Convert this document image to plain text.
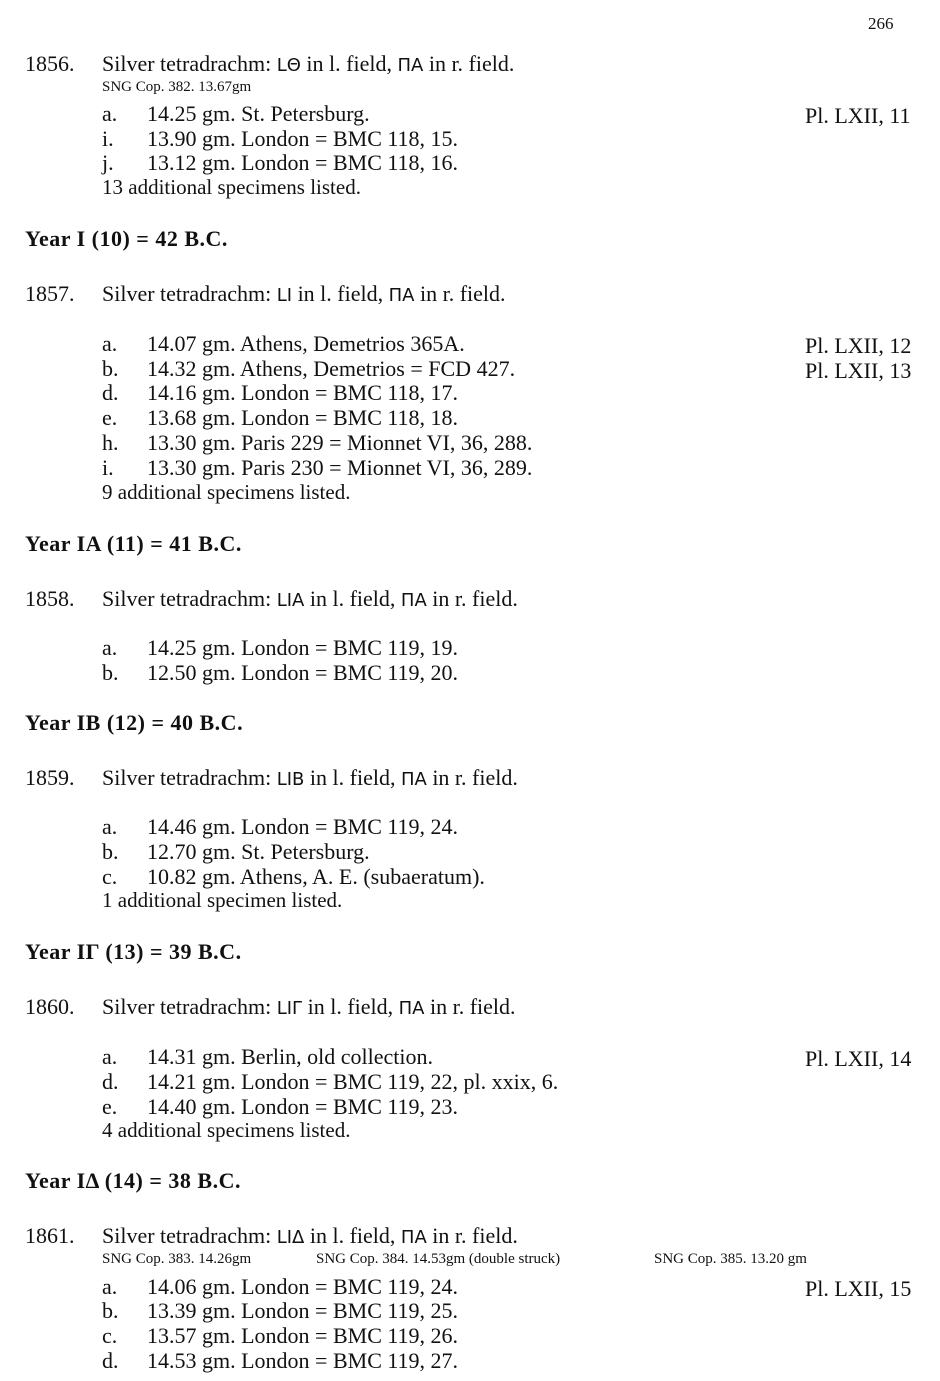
266
1856. Silver tetradrachm: LΘ in l. field, ΠΑ in r. field.
SNG Cop. 382. 13.67gm
a. 14.25 gm. St. Petersburg.	Pl. LXII, 11
i. 13.90 gm. London = BMC 118, 15.
j. 13.12 gm. London = BMC 118, 16.
13 additional specimens listed.
Year I (10) = 42 B.C.
1857. Silver tetradrachm: LI in l. field, ΠΑ in r. field.
a. 14.07 gm. Athens, Demetrios 365A.	Pl. LXII, 12
b. 14.32 gm. Athens, Demetrios = FCD 427.	Pl. LXII, 13
d. 14.16 gm. London = BMC 118, 17.
e. 13.68 gm. London = BMC 118, 18.
h. 13.30 gm. Paris 229 = Mionnet VI, 36, 288.
i. 13.30 gm. Paris 230 = Mionnet VI, 36, 289.
9 additional specimens listed.
Year IA (11) = 41 B.C.
1858. Silver tetradrachm: LIA in l. field, ΠΑ in r. field.
a. 14.25 gm. London = BMC 119, 19.
b. 12.50 gm. London = BMC 119, 20.
Year IB (12) = 40 B.C.
1859. Silver tetradrachm: LIB in l. field, ΠΑ in r. field.
a. 14.46 gm. London = BMC 119, 24.
b. 12.70 gm. St. Petersburg.
c. 10.82 gm. Athens, A. E. (subaeratum).
1 additional specimen listed.
Year IΓ (13) = 39 B.C.
1860. Silver tetradrachm: LIΓ in l. field, ΠΑ in r. field.
a. 14.31 gm. Berlin, old collection.	Pl. LXII, 14
d. 14.21 gm. London = BMC 119, 22, pl. xxix, 6.
e. 14.40 gm. London = BMC 119, 23.
4 additional specimens listed.
Year IΔ (14) = 38 B.C.
1861. Silver tetradrachm: LIΔ in l. field, ΠΑ in r. field.
SNG Cop. 383. 14.26gm	SNG Cop. 384. 14.53gm (double struck)	SNG Cop. 385. 13.20 gm
a. 14.06 gm. London = BMC 119, 24.	Pl. LXII, 15
b. 13.39 gm. London = BMC 119, 25.
c. 13.57 gm. London = BMC 119, 26.
d. 14.53 gm. London = BMC 119, 27.
